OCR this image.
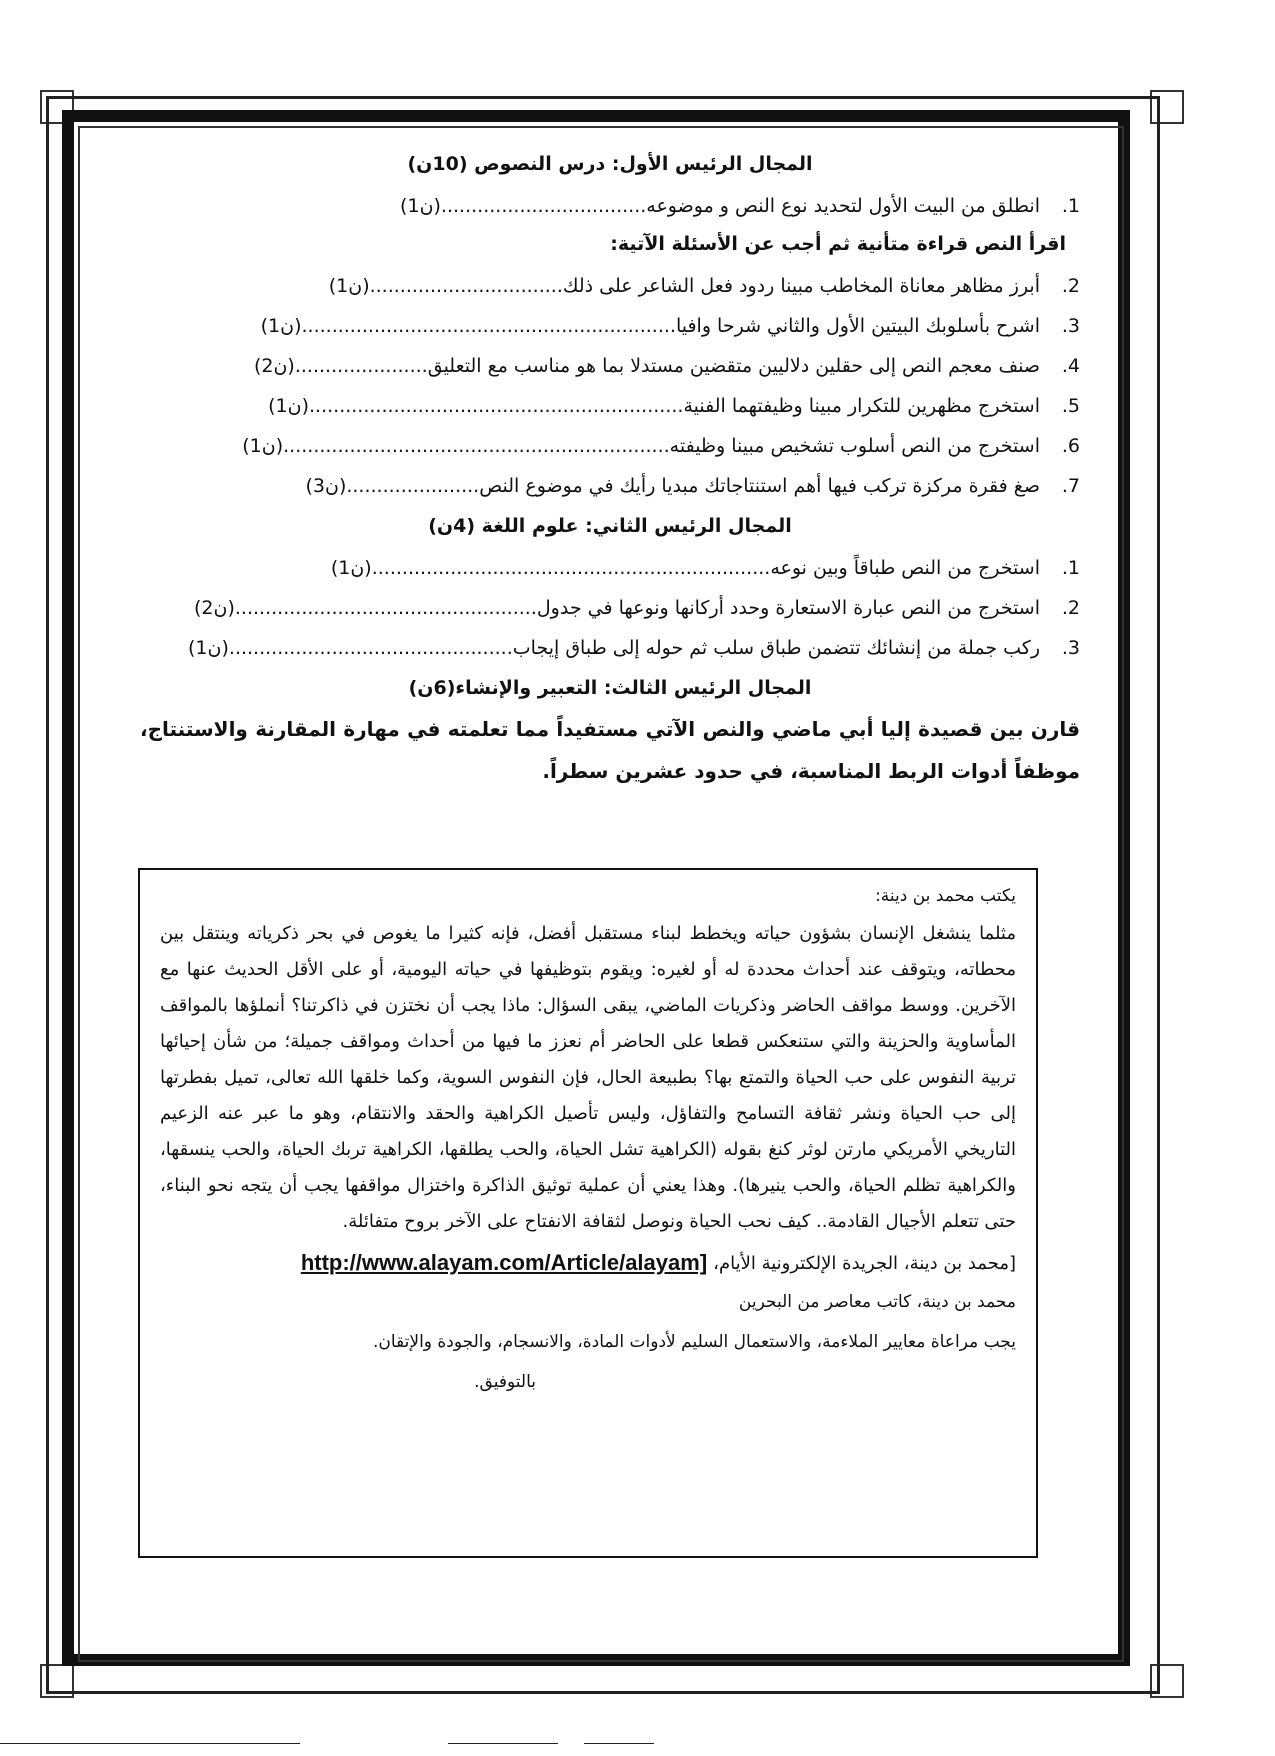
المجال الرئيس الأول: درس النصوص (10ن)
1.
انطلق من البيت الأول لتحديد نوع النص و موضوعه.................................(1ن).
اقرأ النص قراءة متأنية ثم أجب عن الأسئلة الآتية:
2.
أبرز مظاهر معاناة المخاطب مبينا ردود فعل الشاعر على ذلك...............................(1ن).
3.
اشرح بأسلوبك البيتين الأول والثاني شرحا وافيا.............................................................(1ن).
4.
صنف معجم النص إلى حقلين دلاليين متقضين مستدلا بما هو مناسب مع التعليق.....................(2ن).
5.
استخرج مظهرين للتكرار مبينا وظيفتهما الفنية.............................................................(1ن).
6.
استخرج من النص أسلوب تشخيص مبينا وظيفته...............................................................(1ن).
7.
صغ فقرة مركزة تركب فيها أهم استنتاجاتك مبديا رأيك في موضوع النص.....................(3ن).
المجال الرئيس الثاني: علوم اللغة (4ن)
1.
استخرج من النص طباقاً وبين نوعه.................................................................(1ن).
2.
استخرج من النص عبارة الاستعارة وحدد أركانها ونوعها في جدول.................................................(2ن).
3.
ركب جملة من إنشائك تتضمن طباق سلب ثم حوله إلى طباق إيجاب..............................................(1ن).
المجال الرئيس الثالث: التعبير والإنشاء(6ن)
قارن بين قصيدة إليا أبي ماضي والنص الآتي مستفيداً مما تعلمته في مهارة المقارنة والاستنتاج، موظفاً أدوات الربط المناسبة، في حدود عشرين سطراً.

يكتب محمد بن دينة:

مثلما ينشغل الإنسان بشؤون حياته ويخطط لبناء مستقبل أفضل، فإنه كثيرا ما يغوص في بحر ذكرياته وينتقل بين محطاته، ويتوقف عند أحداث محددة له أو لغيره: ويقوم بتوظيفها في حياته اليومية، أو على الأقل الحديث عنها مع الآخرين. ووسط مواقف الحاضر وذكريات الماضي، يبقى السؤال: ماذا يجب أن نختزن في ذاكرتنا؟ أنملؤها بالمواقف المأساوية والحزينة والتي ستنعكس قطعا على الحاضر أم نعزز ما فيها من أحداث ومواقف جميلة؛ من شأن إحيائها تربية النفوس على حب الحياة والتمتع بها؟ بطبيعة الحال، فإن النفوس السوية، وكما خلقها الله تعالى، تميل بفطرتها إلى حب الحياة ونشر ثقافة التسامح والتفاؤل، وليس تأصيل الكراهية والحقد والانتقام، وهو ما عبر عنه الزعيم التاريخي الأمريكي مارتن لوثر كنغ بقوله (الكراهية تشل الحياة، والحب يطلقها، الكراهية تربك الحياة، والحب ينسقها، والكراهية تظلم الحياة، والحب ينيرها). وهذا يعني أن عملية توثيق الذاكرة واختزال مواقفها يجب أن يتجه نحو البناء، حتى تتعلم الأجيال القادمة.. كيف نحب الحياة ونوصل لثقافة الانفتاح على الآخر بروح متفائلة.

[محمد بن دينة، الجريدة الإلكترونية الأيام،
http://www.alayam.com/Article/alayam]

محمد بن دينة، كاتب معاصر من البحرين

يجب مراعاة معايير الملاءمة، والاستعمال السليم لأدوات المادة، والانسجام، والجودة والإتقان.

بالتوفيق.
